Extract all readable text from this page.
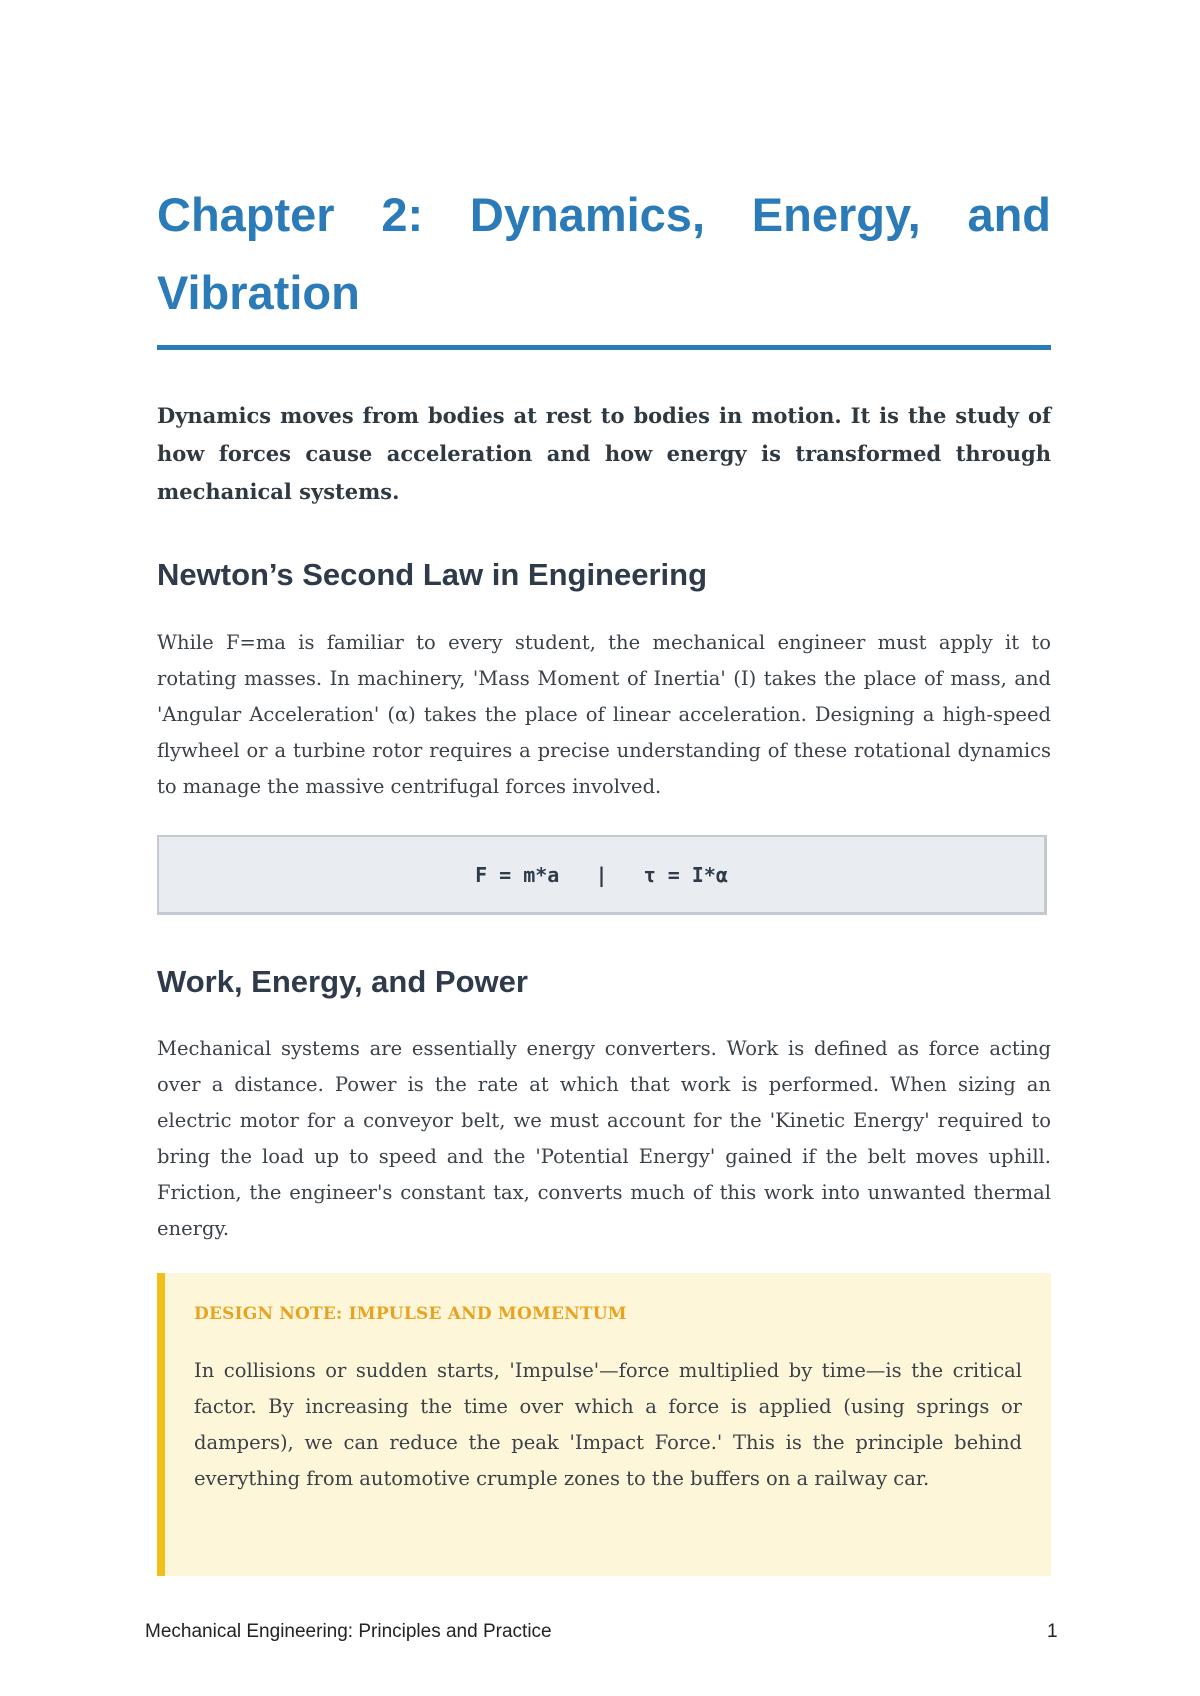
Chapter 2: Dynamics, Energy, and Vibration

Dynamics moves from bodies at rest to bodies in motion. It is the study of how forces cause acceleration and how energy is transformed through mechanical systems.

Newton’s Second Law in Engineering

While F=ma is familiar to every student, the mechanical engineer must apply it to rotating masses. In machinery, 'Mass Moment of Inertia' (I) takes the place of mass, and 'Angular Acceleration' (α) takes the place of linear acceleration. Designing a high-speed flywheel or a turbine rotor requires a precise understanding of these rotational dynamics to manage the massive centrifugal forces involved.

F = m*a   |   τ = I*α
Work, Energy, and Power

Mechanical systems are essentially energy converters. Work is defined as force acting over a distance. Power is the rate at which that work is performed. When sizing an electric motor for a conveyor belt, we must account for the 'Kinetic Energy' required to bring the load up to speed and the 'Potential Energy' gained if the belt moves uphill. Friction, the engineer's constant tax, converts much of this work into unwanted thermal energy.

DESIGN NOTE: IMPULSE AND MOMENTUM

In collisions or sudden starts, 'Impulse'—force multiplied by time—is the critical factor. By increasing the time over which a force is applied (using springs or dampers), we can reduce the peak 'Impact Force.' This is the principle behind everything from automotive crumple zones to the buffers on a railway car.

Mechanical Engineering: Principles and Practice	1
